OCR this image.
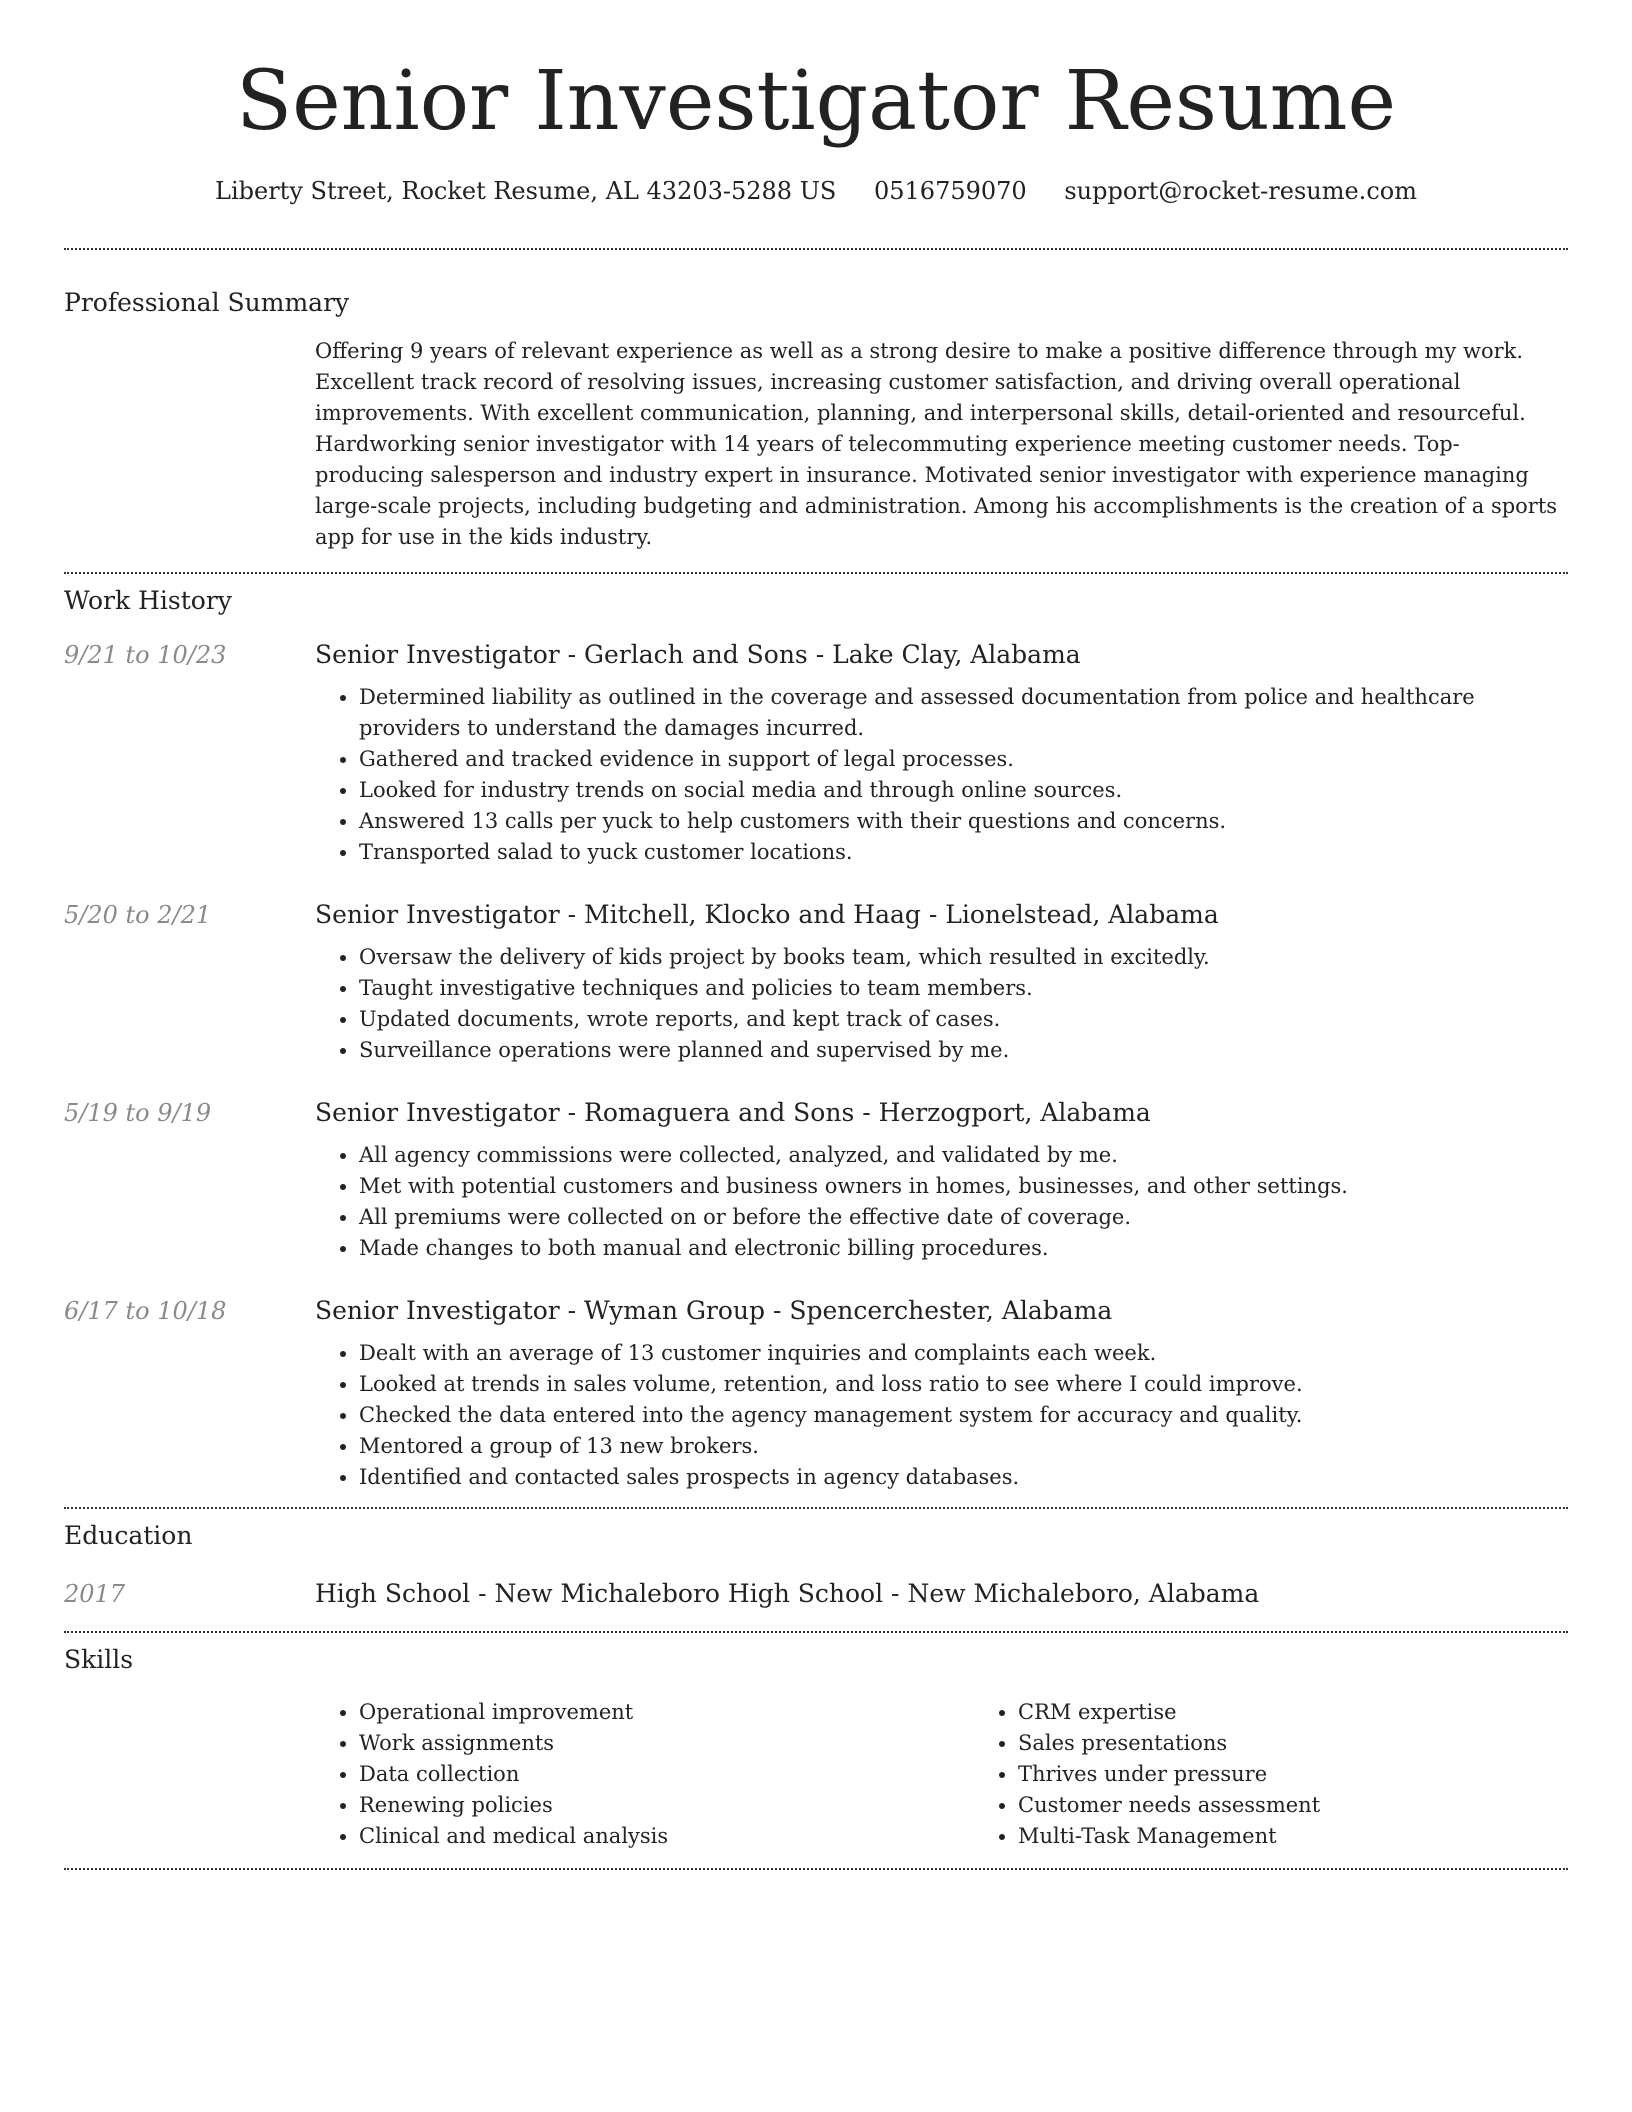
Senior Investigator Resume
Liberty Street, Rocket Resume, AL 43203-5288 US 0516759070 support@rocket-resume.com
Professional Summary

Offering 9 years of relevant experience as well as a strong desire to make a positive difference through my work. Excellent track record of resolving issues, increasing customer satisfaction, and driving overall operational improvements. With excellent communication, planning, and interpersonal skills, detail-oriented and resourceful. Hardworking senior investigator with 14 years of telecommuting experience meeting customer needs. Top-producing salesperson and industry expert in insurance. Motivated senior investigator with experience managing large-scale projects, including budgeting and administration. Among his accomplishments is the creation of a sports app for use in the kids industry.

Work History
9/21 to 10/23	Senior Investigator - Gerlach and Sons - Lake Clay, Alabama
• Determined liability as outlined in the coverage and assessed documentation from police and healthcare providers to understand the damages incurred.
• Gathered and tracked evidence in support of legal processes.
• Looked for industry trends on social media and through online sources.
• Answered 13 calls per yuck to help customers with their questions and concerns.
• Transported salad to yuck customer locations.
5/20 to 2/21	Senior Investigator - Mitchell, Klocko and Haag - Lionelstead, Alabama
• Oversaw the delivery of kids project by books team, which resulted in excitedly.
• Taught investigative techniques and policies to team members.
• Updated documents, wrote reports, and kept track of cases.
• Surveillance operations were planned and supervised by me.
5/19 to 9/19	Senior Investigator - Romaguera and Sons - Herzogport, Alabama
• All agency commissions were collected, analyzed, and validated by me.
• Met with potential customers and business owners in homes, businesses, and other settings.
• All premiums were collected on or before the effective date of coverage.
• Made changes to both manual and electronic billing procedures.
6/17 to 10/18	Senior Investigator - Wyman Group - Spencerchester, Alabama
• Dealt with an average of 13 customer inquiries and complaints each week.
• Looked at trends in sales volume, retention, and loss ratio to see where I could improve.
• Checked the data entered into the agency management system for accuracy and quality.
• Mentored a group of 13 new brokers.
• Identified and contacted sales prospects in agency databases.
Education
2017	High School - New Michaleboro High School - New Michaleboro, Alabama
Skills
• Operational improvement
• Work assignments
• Data collection
• Renewing policies
• Clinical and medical analysis
• CRM expertise
• Sales presentations
• Thrives under pressure
• Customer needs assessment
• Multi-Task Management
